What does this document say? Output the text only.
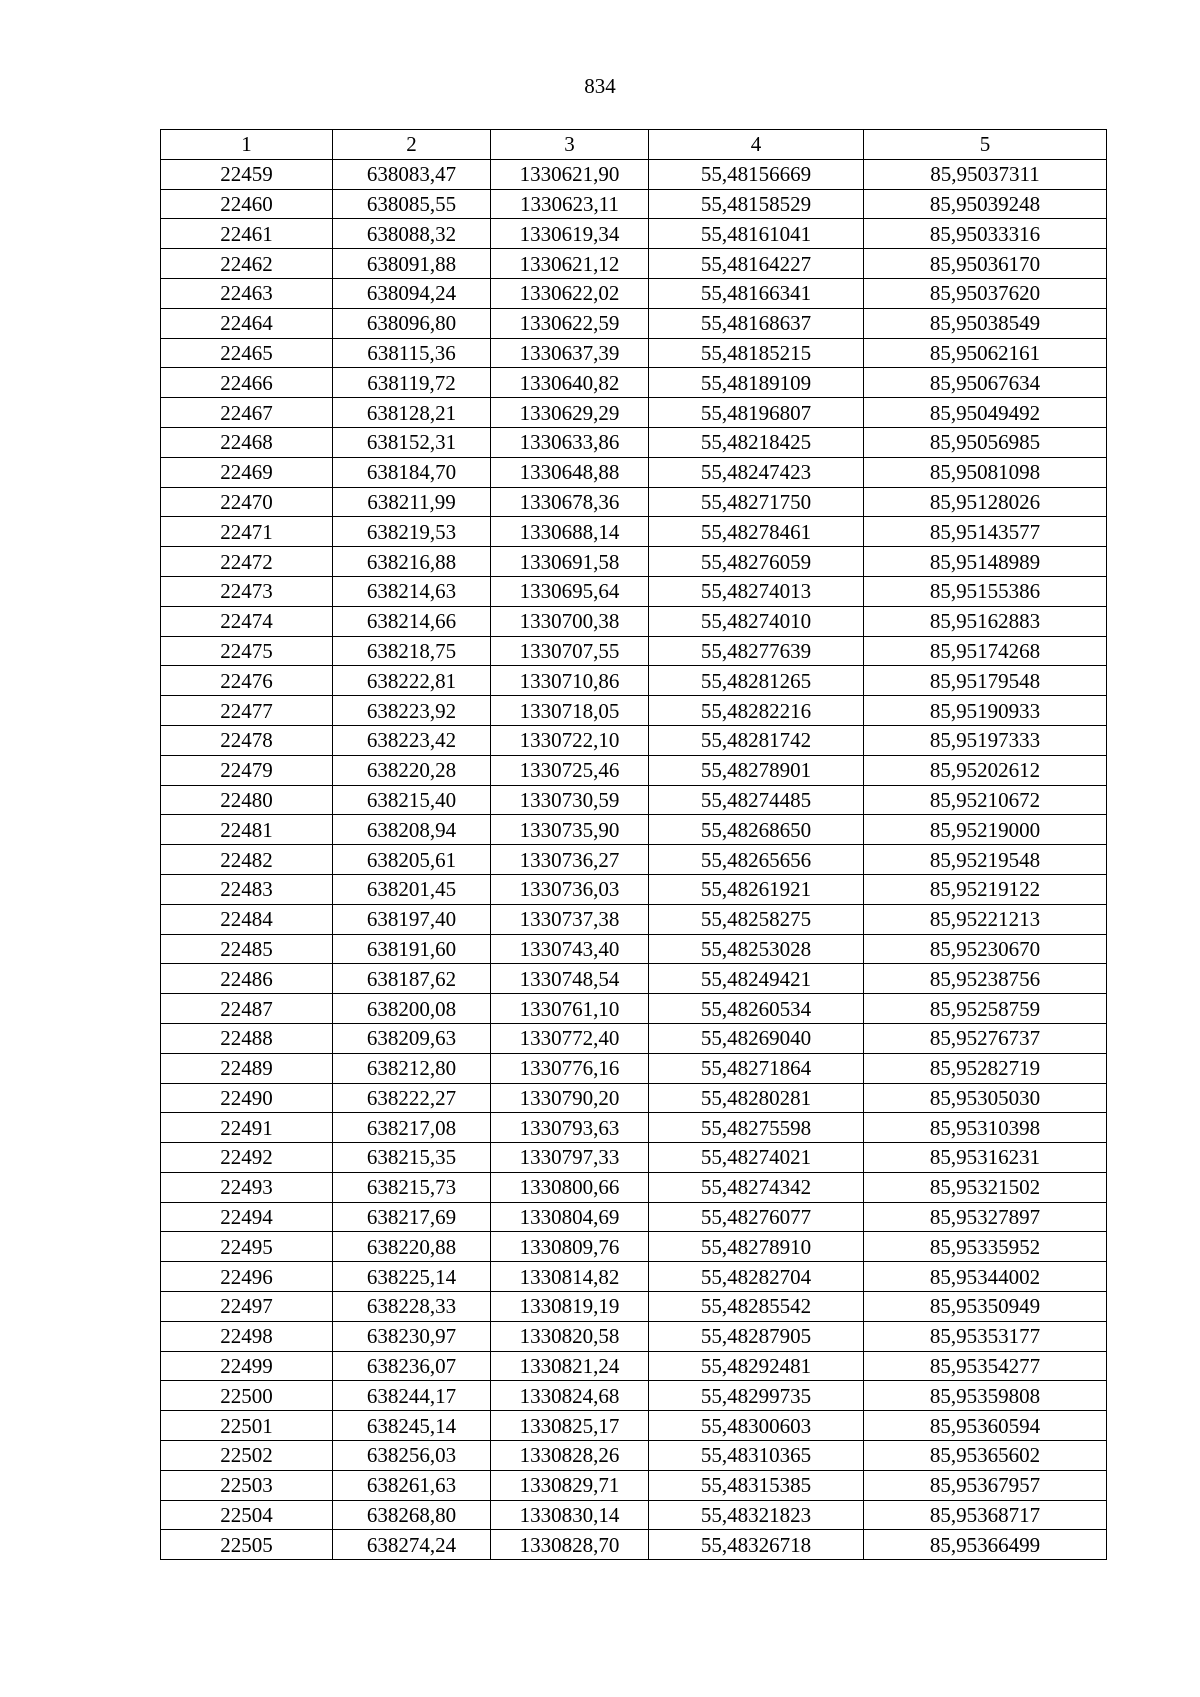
834
1	2	3	4	5
22459	638083,47	1330621,90	55,48156669	85,95037311
22460	638085,55	1330623,11	55,48158529	85,95039248
22461	638088,32	1330619,34	55,48161041	85,95033316
22462	638091,88	1330621,12	55,48164227	85,95036170
22463	638094,24	1330622,02	55,48166341	85,95037620
22464	638096,80	1330622,59	55,48168637	85,95038549
22465	638115,36	1330637,39	55,48185215	85,95062161
22466	638119,72	1330640,82	55,48189109	85,95067634
22467	638128,21	1330629,29	55,48196807	85,95049492
22468	638152,31	1330633,86	55,48218425	85,95056985
22469	638184,70	1330648,88	55,48247423	85,95081098
22470	638211,99	1330678,36	55,48271750	85,95128026
22471	638219,53	1330688,14	55,48278461	85,95143577
22472	638216,88	1330691,58	55,48276059	85,95148989
22473	638214,63	1330695,64	55,48274013	85,95155386
22474	638214,66	1330700,38	55,48274010	85,95162883
22475	638218,75	1330707,55	55,48277639	85,95174268
22476	638222,81	1330710,86	55,48281265	85,95179548
22477	638223,92	1330718,05	55,48282216	85,95190933
22478	638223,42	1330722,10	55,48281742	85,95197333
22479	638220,28	1330725,46	55,48278901	85,95202612
22480	638215,40	1330730,59	55,48274485	85,95210672
22481	638208,94	1330735,90	55,48268650	85,95219000
22482	638205,61	1330736,27	55,48265656	85,95219548
22483	638201,45	1330736,03	55,48261921	85,95219122
22484	638197,40	1330737,38	55,48258275	85,95221213
22485	638191,60	1330743,40	55,48253028	85,95230670
22486	638187,62	1330748,54	55,48249421	85,95238756
22487	638200,08	1330761,10	55,48260534	85,95258759
22488	638209,63	1330772,40	55,48269040	85,95276737
22489	638212,80	1330776,16	55,48271864	85,95282719
22490	638222,27	1330790,20	55,48280281	85,95305030
22491	638217,08	1330793,63	55,48275598	85,95310398
22492	638215,35	1330797,33	55,48274021	85,95316231
22493	638215,73	1330800,66	55,48274342	85,95321502
22494	638217,69	1330804,69	55,48276077	85,95327897
22495	638220,88	1330809,76	55,48278910	85,95335952
22496	638225,14	1330814,82	55,48282704	85,95344002
22497	638228,33	1330819,19	55,48285542	85,95350949
22498	638230,97	1330820,58	55,48287905	85,95353177
22499	638236,07	1330821,24	55,48292481	85,95354277
22500	638244,17	1330824,68	55,48299735	85,95359808
22501	638245,14	1330825,17	55,48300603	85,95360594
22502	638256,03	1330828,26	55,48310365	85,95365602
22503	638261,63	1330829,71	55,48315385	85,95367957
22504	638268,80	1330830,14	55,48321823	85,95368717
22505	638274,24	1330828,70	55,48326718	85,95366499
